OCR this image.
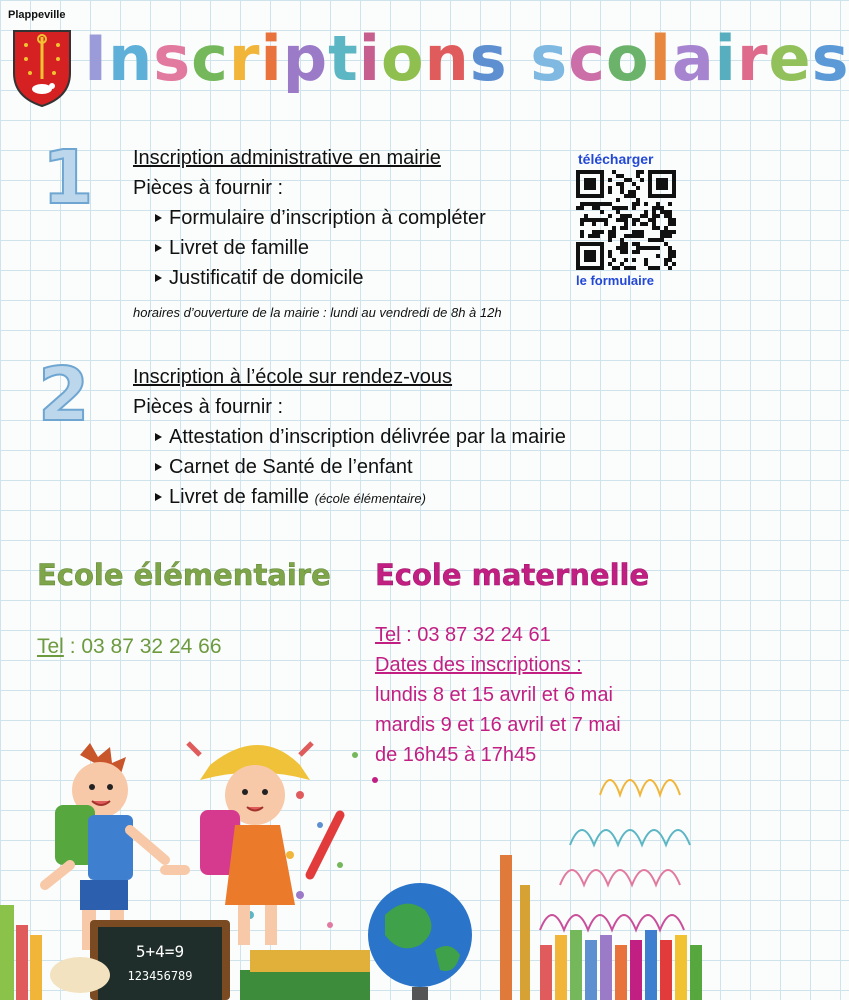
Plappeville
Inscriptions scolaires
1 Inscription administrative en mairie
Pièces à fournir :
Formulaire d’inscription à compléter
Livret de famille
Justificatif de domicile
horaires d’ouverture de la mairie : lundi au vendredi de 8h à 12h
télécharger
le formulaire
2 Inscription à l’école sur rendez-vous
Pièces à fournir :
Attestation d’inscription délivrée par la mairie
Carnet de Santé de l’enfant
Livret de famille (école élémentaire)
Ecole élémentaire
Tel : 03 87 32 24 66
Ecole maternelle
Tel : 03 87 32 24 61
Dates des inscriptions :
lundis 8 et 15 avril et 6 mai
mardis 9 et 16 avril et 7 mai
de 16h45 à 17h45
5+4=9
123456789
